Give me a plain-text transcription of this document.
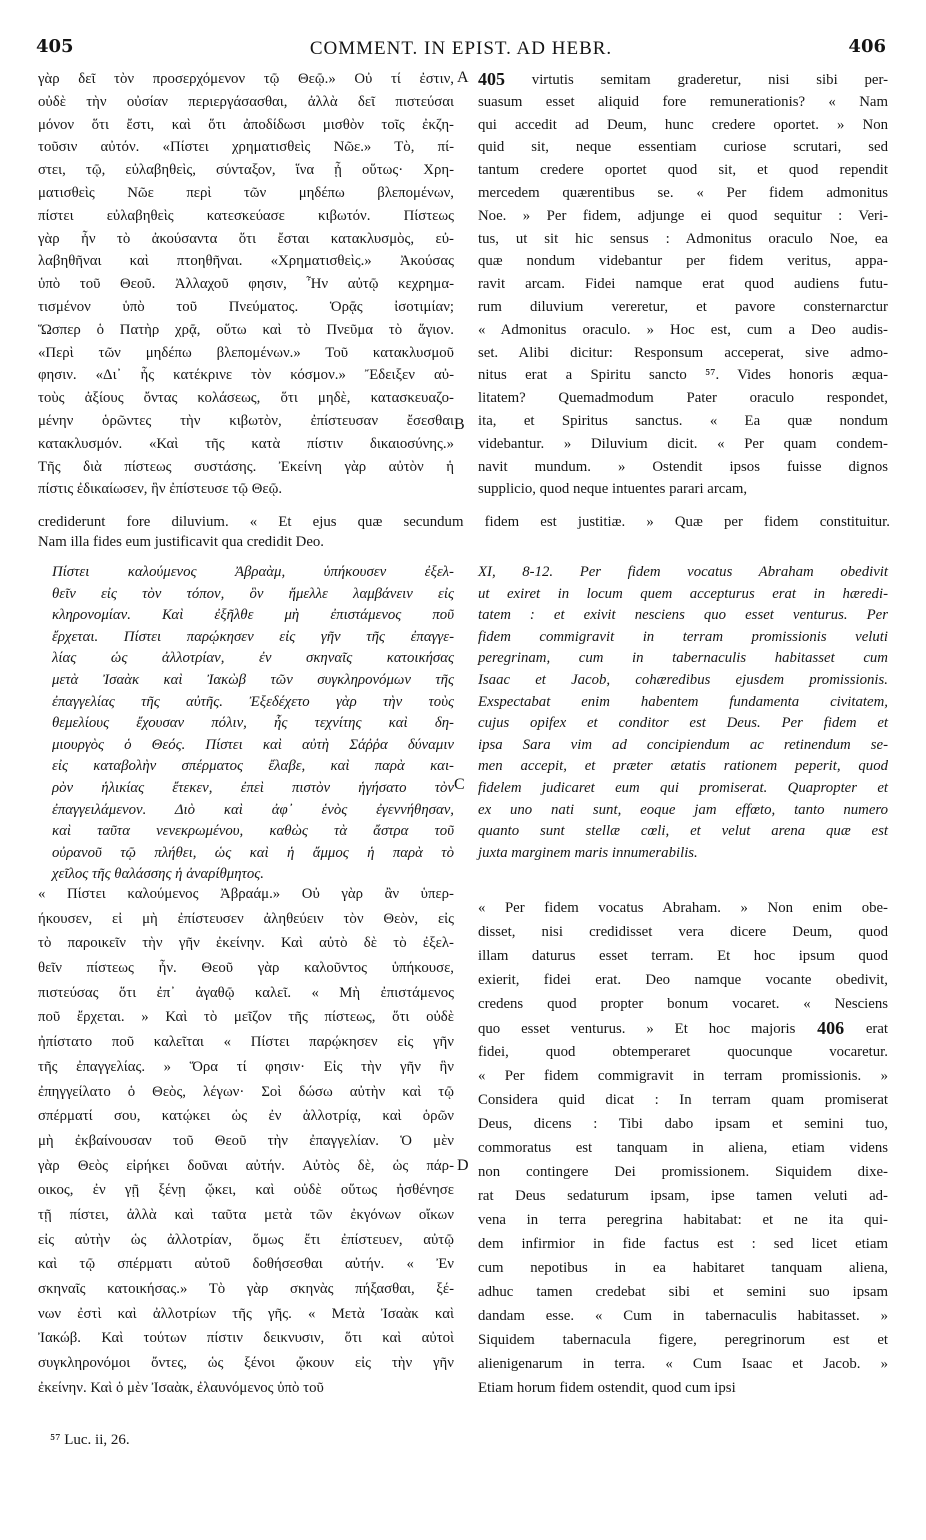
405	COMMENT. IN EPIST. AD HEBR.	406
γὰρ δεῖ τὸν προσερχόμενον τῷ Θεῷ.» Οὐ τί ἐστιν,
οὐδὲ τὴν οὐσίαν περιεργάσασθαι, ἀλλὰ δεῖ πιστεύσαι
μόνον ὅτι ἔστι, καὶ ὅτι ἀποδίδωσι μισθὸν τοῖς ἐκζη-
τοῦσιν αὐτόν. «Πίστει χρηματισθεὶς Νῶε.» Τὸ, πί-
στει, τῷ, εὐλαβηθεὶς, σύνταξον, ἵνα ᾖ οὕτως· Χρη-
ματισθεὶς Νῶε περὶ τῶν μηδέπω βλεπομένων,
πίστει εὐλαβηθεὶς κατεσκεύασε κιβωτόν. Πίστεως
γὰρ ἦν τὸ ἀκούσαντα ὅτι ἔσται κατακλυσμὸς, εὐ-
λαβηθῆναι καὶ πτοηθῆναι. «Χρηματισθεὶς.» Ἀκούσας
ὑπὸ τοῦ Θεοῦ. Ἀλλαχοῦ φησιν, Ἦν αὐτῷ κεχρημα-
τισμένον ὑπὸ τοῦ Πνεύματος. Ὁρᾷς ἰσοτιμίαν;
Ὥσπερ ὁ Πατὴρ χρᾷ, οὕτω καὶ τὸ Πνεῦμα τὸ ἅγιον.
«Περὶ τῶν μηδέπω βλεπομένων.» Τοῦ κατακλυσμοῦ
φησιν. «Δι᾽ ἧς κατέκρινε τὸν κόσμον.» Ἔδειξεν αὐ-
τοὺς ἀξίους ὄντας κολάσεως, ὅτι μηδὲ, κατασκευαζο-
μένην ὁρῶντες τὴν κιβωτὸν, ἐπίστευσαν ἔσεσθαι
κατακλυσμόν. «Καὶ τῆς κατὰ πίστιν δικαιοσύνης.»
Τῆς διὰ πίστεως συστάσης. Ἐκείνη γὰρ αὐτὸν ἡ
πίστις ἐδικαίωσεν, ἣν ἐπίστευσε τῷ Θεῷ.
405 virtutis semitam graderetur, nisi sibi per-
suasum esset aliquid fore remunerationis? « Nam
qui accedit ad Deum, hunc credere oportet. » Non
quid sit, neque essentiam curiose scrutari, sed
tantum credere oportet quod sit, et quod rependit
mercedem quærentibus se. « Per fidem admonitus
Noe. » Per fidem, adjunge ei quod sequitur : Veri-
tus, ut sit hic sensus : Admonitus oraculo Noe, ea
quæ nondum videbantur per fidem veritus, appa-
ravit arcam. Fidei namque erat quod audiens futu-
rum diluvium vereretur, et pavore consternarctur
« Admonitus oraculo. » Hoc est, cum a Deo audis-
set. Alibi dicitur: Responsum acceperat, sive admo-
nitus erat a Spiritu sancto ⁵⁷. Vides honoris æqua-
litatem? Quemadmodum Pater oraculo respondet,
ita, et Spiritus sanctus. « Ea quæ nondum
videbantur. » Diluvium dicit. « Per quam condem-
navit mundum. » Ostendit ipsos fuisse dignos
supplicio, quod neque intuentes parari arcam,
A
B
crediderunt fore diluvium. « Et ejus quæ secundum fidem est justitiæ. » Quæ per fidem constituitur.
Nam illa fides eum justificavit qua credidit Deo.
Πίστει καλούμενος Ἀβραὰμ, ὑπήκουσεν ἐξελ-
θεῖν εἰς τὸν τόπον, ὃν ἤμελλε λαμβάνειν εἰς
κληρονομίαν. Καὶ ἐξῆλθε μὴ ἐπιστάμενος ποῦ
ἔρχεται. Πίστει παρῴκησεν εἰς γῆν τῆς ἐπαγγε-
λίας ὡς ἀλλοτρίαν, ἐν σκηναῖς κατοικήσας
μετὰ Ἰσαὰκ καὶ Ἰακὼβ τῶν συγκληρονόμων τῆς
ἐπαγγελίας τῆς αὐτῆς. Ἐξεδέχετο γὰρ τὴν τοὺς
θεμελίους ἔχουσαν πόλιν, ἧς τεχνίτης καὶ δη-
μιουργὸς ὁ Θεός. Πίστει καὶ αὐτὴ Σάῤῥα δύναμιν
εἰς καταβολὴν σπέρματος ἔλαβε, καὶ παρὰ και-
ρὸν ἡλικίας ἔτεκεν, ἐπεὶ πιστὸν ἡγήσατο τὸν
ἐπαγγειλάμενον. Διὸ καὶ ἀφ᾽ ἑνὸς ἐγεννήθησαν,
καὶ ταῦτα νενεκρωμένου, καθὼς τὰ ἄστρα τοῦ
οὐρανοῦ τῷ πλήθει, ὡς καὶ ἡ ἄμμος ἡ παρὰ τὸ
χεῖλος τῆς θαλάσσης ἡ ἀναρίθμητος.
XI, 8-12. Per fidem vocatus Abraham obedivit
ut exiret in locum quem accepturus erat in hæredi-
tatem : et exivit nesciens quo esset venturus. Per
fidem commigravit in terram promissionis veluti
peregrinam, cum in tabernaculis habitasset cum
Isaac et Jacob, cohæredibus ejusdem promissionis.
Exspectabat enim habentem fundamenta civitatem,
cujus opifex et conditor est Deus. Per fidem et
ipsa Sara vim ad concipiendum ac retinendum se-
men accepit, et præter ætatis rationem peperit, quod
fidelem judicaret eum qui promiserat. Quapropter et
ex uno nati sunt, eoque jam effœto, tanto numero
quanto sunt stellæ cœli, et velut arena quæ est
juxta marginem maris innumerabilis.
C
« Πίστει καλούμενος Ἀβραάμ.» Οὐ γὰρ ἂν ὑπερ-
ήκουσεν, εἰ μὴ ἐπίστευσεν ἀληθεύειν τὸν Θεὸν, εἰς
τὸ παροικεῖν τὴν γῆν ἐκείνην. Καὶ αὐτὸ δὲ τὸ ἐξελ-
θεῖν πίστεως ἦν. Θεοῦ γὰρ καλοῦντος ὑπήκουσε,
πιστεύσας ὅτι ἐπ᾽ ἀγαθῷ καλεῖ. « Μὴ ἐπιστάμενος
ποῦ ἔρχεται. » Καὶ τὸ μεῖζον τῆς πίστεως, ὅτι οὐδὲ
ἠπίστατο ποῦ καλεῖται « Πίστει παρῴκησεν εἰς γῆν
τῆς ἐπαγγελίας. » Ὅρα τί φησιν· Εἰς τὴν γῆν ἣν
ἐπηγγείλατο ὁ Θεὸς, λέγων· Σοὶ δώσω αὐτὴν καὶ τῷ
σπέρματί σου, κατῴκει ὡς ἐν ἀλλοτρίᾳ, καὶ ὁρῶν
μὴ ἐκβαίνουσαν τοῦ Θεοῦ τὴν ἐπαγγελίαν. Ὁ μὲν
γὰρ Θεὸς εἰρήκει δοῦναι αὐτήν. Αὐτὸς δὲ, ὡς πάρ-
οικος, ἐν γῇ ξένῃ ᾤκει, καὶ οὐδὲ οὕτως ἠσθένησε
τῇ πίστει, ἀλλὰ καὶ ταῦτα μετὰ τῶν ἐκγόνων οἴκων
εἰς αὐτὴν ὡς ἀλλοτρίαν, ὅμως ἔτι ἐπίστευεν, αὐτῷ
καὶ τῷ σπέρματι αὐτοῦ δοθήσεσθαι αὐτήν. « Ἐν
σκηναῖς κατοικήσας.» Τὸ γὰρ σκηνὰς πήξασθαι, ξέ-
νων ἐστὶ καὶ ἀλλοτρίων τῆς γῆς. « Μετὰ Ἰσαὰκ καὶ
Ἰακώβ. Καὶ τούτων πίστιν δεικνυσιν, ὅτι καὶ αὐτοὶ
συγκληρονόμοι ὄντες, ὡς ξένοι ᾤκουν εἰς τὴν γῆν
ἐκείνην. Καὶ ὁ μὲν Ἰσαὰκ, ἐλαυνόμενος ὑπὸ τοῦ
« Per fidem vocatus Abraham. » Non enim obe-
disset, nisi credidisset vera dicere Deum, quod
illam daturus esset terram. Et hoc ipsum quod
exierit, fidei erat. Deo namque vocante obedivit,
credens quod propter bonum vocaret. « Nesciens
quo esset venturus. » Et hoc majoris 406 erat
fidei, quod obtemperaret quocunque vocaretur.
« Per fidem commigravit in terram promissionis. »
Considera quid dicat : In terram quam promiserat
Deus, dicens : Tibi dabo ipsam et semini tuo,
commoratus est tanquam in aliena, etiam videns
non contingere Dei promissionem. Siquidem dixe-
rat Deus sedaturum ipsam, ipse tamen veluti ad-
vena in terra peregrina habitabat: et ne ita qui-
dem infirmior in fide factus est : sed licet etiam
cum nepotibus in ea habitaret tanquam aliena,
adhuc tamen credebat sibi et semini suo ipsam
dandam esse. « Cum in tabernaculis habitasset. »
Siquidem tabernacula figere, peregrinorum est et
alienigenarum in terra. « Cum Isaac et Jacob. »
Etiam horum fidem ostendit, quod cum ipsi
D
⁵⁷ Luc. ii, 26.
